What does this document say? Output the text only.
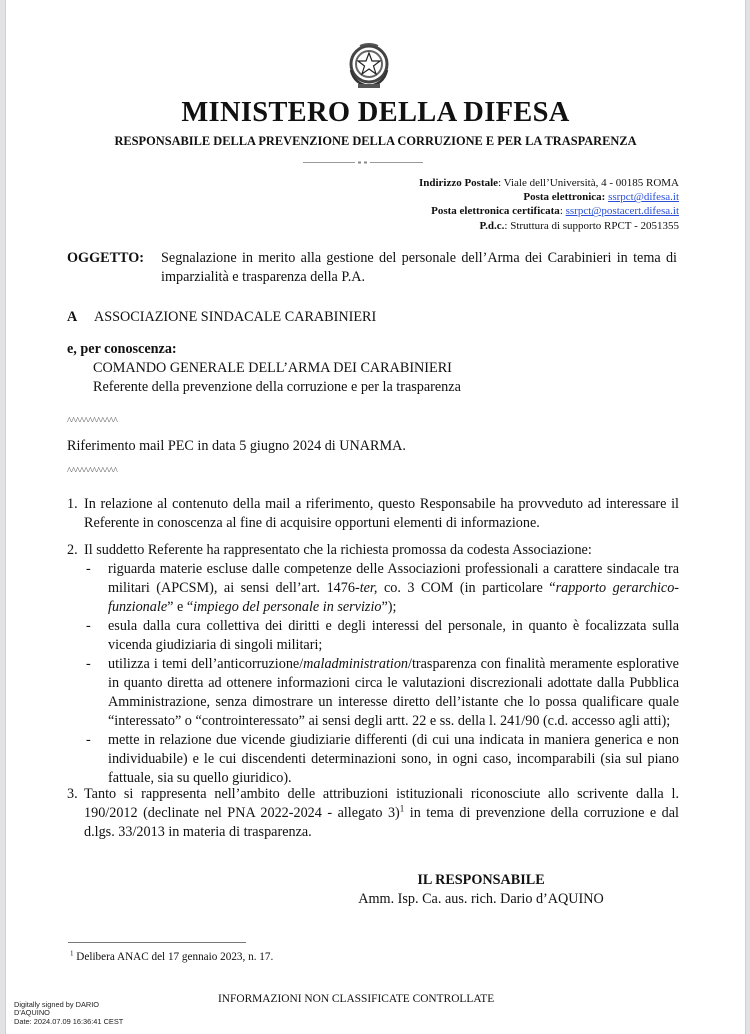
MINISTERO DELLA DIFESA
RESPONSABILE DELLA PREVENZIONE DELLA CORRUZIONE E PER LA TRASPARENZA
Indirizzo Postale: Viale dell’Università, 4 - 00185 ROMA
Posta elettronica: ssrpct@difesa.it
Posta elettronica certificata: ssrpct@postacert.difesa.it
P.d.c.: Struttura di supporto RPCT - 2051355
OGGETTO:	Segnalazione in merito alla gestione del personale dell’Arma dei Carabinieri in tema di imparzialità e trasparenza della P.A.
A ASSOCIAZIONE SINDACALE CARABINIERI
e, per conoscenza:
COMANDO GENERALE DELL’ARMA DEI CARABINIERI
Referente della prevenzione della corruzione e per la trasparenza
^^^^^^^^^^^^
Riferimento mail PEC in data 5 giugno 2024 di UNARMA.
^^^^^^^^^^^^
1. In relazione al contenuto della mail a riferimento, questo Responsabile ha provveduto ad interessare il Referente in conoscenza al fine di acquisire opportuni elementi di informazione.
2. Il suddetto Referente ha rappresentato che la richiesta promossa da codesta Associazione:
- riguarda materie escluse dalle competenze delle Associazioni professionali a carattere sindacale tra militari (APCSM), ai sensi dell’art. 1476-ter, co. 3 COM (in particolare “rapporto gerarchico-funzionale” e “impiego del personale in servizio”);
- esula dalla cura collettiva dei diritti e degli interessi del personale, in quanto è focalizzata sulla vicenda giudiziaria di singoli militari;
- utilizza i temi dell’anticorruzione/maladministration/trasparenza con finalità meramente esplorative in quanto diretta ad ottenere informazioni circa le valutazioni discrezionali adottate dalla Pubblica Amministrazione, senza dimostrare un interesse diretto dell’istante che lo possa qualificare quale “interessato” o “controinteressato” ai sensi degli artt. 22 e ss. della l. 241/90 (c.d. accesso agli atti);
- mette in relazione due vicende giudiziarie differenti (di cui una indicata in maniera generica e non individuabile) e le cui discendenti determinazioni sono, in ogni caso, incomparabili (sia sul piano fattuale, sia su quello giuridico).
3. Tanto si rappresenta nell’ambito delle attribuzioni istituzionali riconosciute allo scrivente dalla l. 190/2012 (declinate nel PNA 2022-2024 - allegato 3)$^1$ in tema di prevenzione della corruzione e dal d.lgs. 33/2013 in materia di trasparenza.
IL RESPONSABILE
Amm. Isp. Ca. aus. rich. Dario d’AQUINO
$^1$ Delibera ANAC del 17 gennaio 2023, n. 17.
INFORMAZIONI NON CLASSIFICATE CONTROLLATE
Digitally signed by DARIO
D'AQUINO
Date: 2024.07.09 16:36:41 CEST
